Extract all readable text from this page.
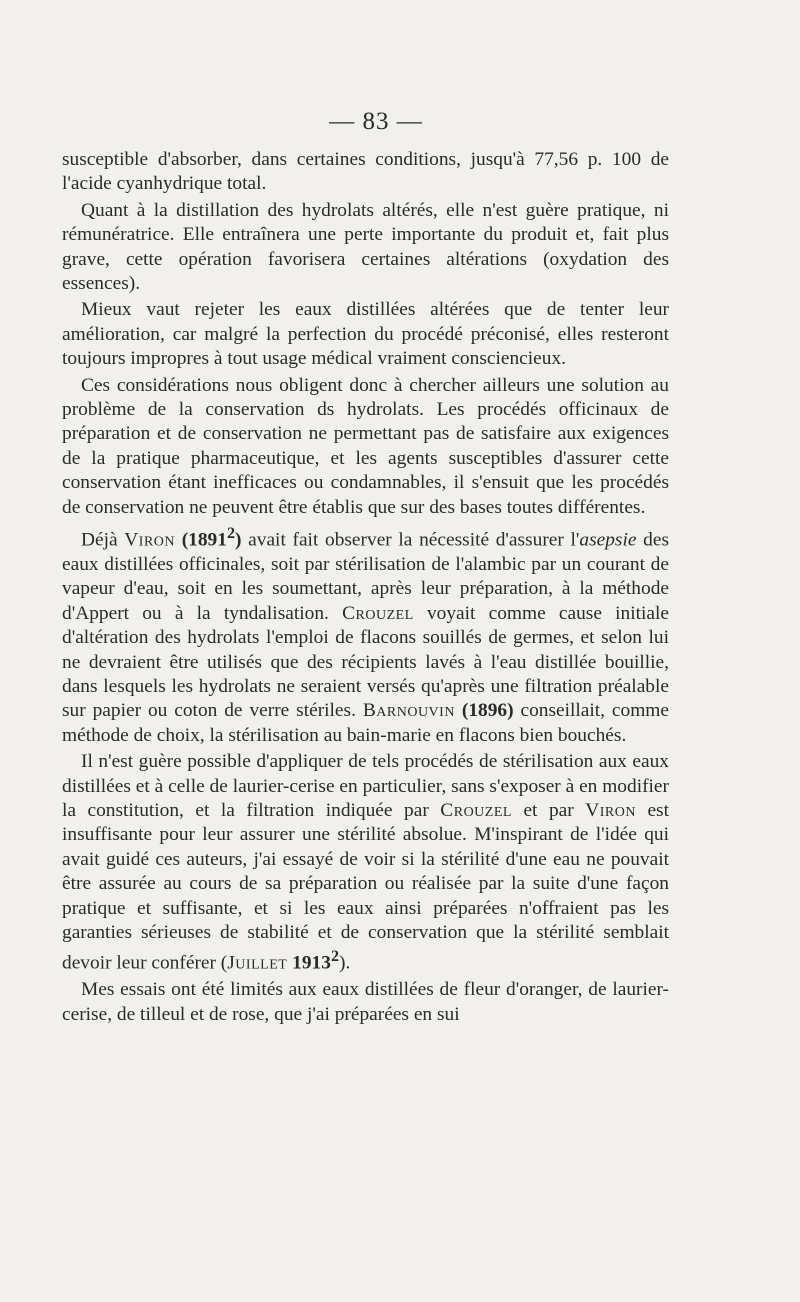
— 83 —

susceptible d'absorber, dans certaines conditions, jusqu'à 77,56 p. 100 de l'acide cyanhydrique total.

Quant à la distillation des hydrolats altérés, elle n'est guère pratique, ni rémunératrice. Elle entraînera une perte importante du produit et, fait plus grave, cette opération favorisera certaines altérations (oxydation des essences).

Mieux vaut rejeter les eaux distillées altérées que de tenter leur amélioration, car malgré la perfection du procédé préconisé, elles resteront toujours impropres à tout usage médical vraiment consciencieux.

Ces considérations nous obligent donc à chercher ailleurs une solution au problème de la conservation ds hydrolats. Les procédés officinaux de préparation et de conservation ne permettant pas de satisfaire aux exigences de la pratique pharmaceutique, et les agents susceptibles d'assurer cette conservation étant inefficaces ou condamnables, il s'ensuit que les procédés de conservation ne peuvent être établis que sur des bases toutes différentes.

Déjà Viron (1891$^2$) avait fait observer la nécessité d'assurer l'asepsie des eaux distillées officinales, soit par stérilisation de l'alambic par un courant de vapeur d'eau, soit en les soumettant, après leur préparation, à la méthode d'Appert ou à la tyndalisation. Crouzel voyait comme cause initiale d'altération des hydrolats l'emploi de flacons souillés de germes, et selon lui ne devraient être utilisés que des récipients lavés à l'eau distillée bouillie, dans lesquels les hydrolats ne seraient versés qu'après une filtration préalable sur papier ou coton de verre stériles. Barnouvin (1896) conseillait, comme méthode de choix, la stérilisation au bain-marie en flacons bien bouchés.

Il n'est guère possible d'appliquer de tels procédés de stérilisation aux eaux distillées et à celle de laurier-cerise en particulier, sans s'exposer à en modifier la constitution, et la filtration indiquée par Crouzel et par Viron est insuffisante pour leur assurer une stérilité absolue. M'inspirant de l'idée qui avait guidé ces auteurs, j'ai essayé de voir si la stérilité d'une eau ne pouvait être assurée au cours de sa préparation ou réalisée par la suite d'une façon pratique et suffisante, et si les eaux ainsi préparées n'offraient pas les garanties sérieuses de stabilité et de conservation que la stérilité semblait devoir leur conférer (Juillet 1913$^2$).

Mes essais ont été limités aux eaux distillées de fleur d'oranger, de laurier-cerise, de tilleul et de rose, que j'ai préparées en sui
